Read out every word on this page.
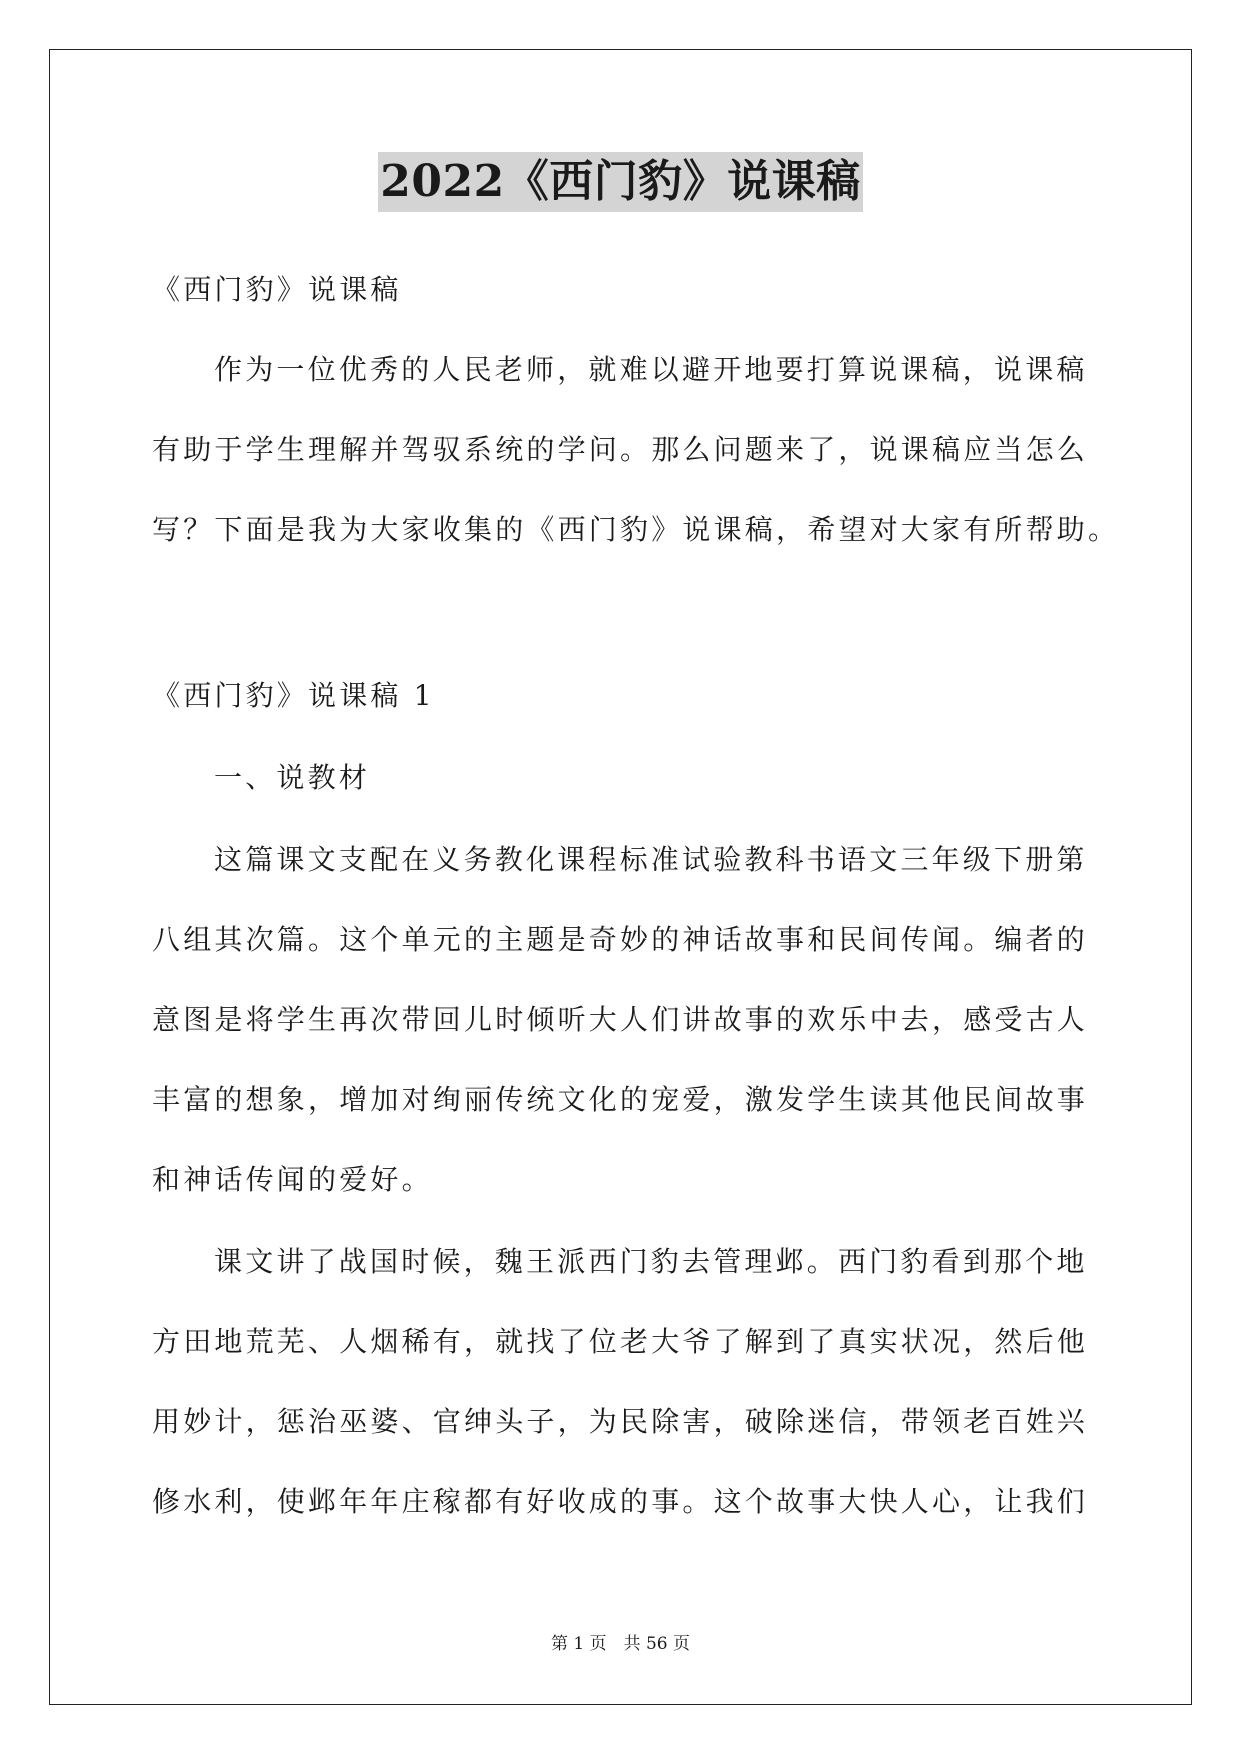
2022《西门豹》说课稿
《西门豹》说课稿
作为一位优秀的人民老师，就难以避开地要打算说课稿，说课稿
有助于学生理解并驾驭系统的学问。那么问题来了，说课稿应当怎么
写？下面是我为大家收集的《西门豹》说课稿，希望对大家有所帮助。
《西门豹》说课稿 1
一、说教材
这篇课文支配在义务教化课程标准试验教科书语文三年级下册第
八组其次篇。这个单元的主题是奇妙的神话故事和民间传闻。编者的
意图是将学生再次带回儿时倾听大人们讲故事的欢乐中去，感受古人
丰富的想象，增加对绚丽传统文化的宠爱，激发学生读其他民间故事
和神话传闻的爱好。
课文讲了战国时候，魏王派西门豹去管理邺。西门豹看到那个地
方田地荒芜、人烟稀有，就找了位老大爷了解到了真实状况，然后他
用妙计，惩治巫婆、官绅头子，为民除害，破除迷信，带领老百姓兴
修水利，使邺年年庄稼都有好收成的事。这个故事大快人心，让我们
第 1 页　共 56 页
